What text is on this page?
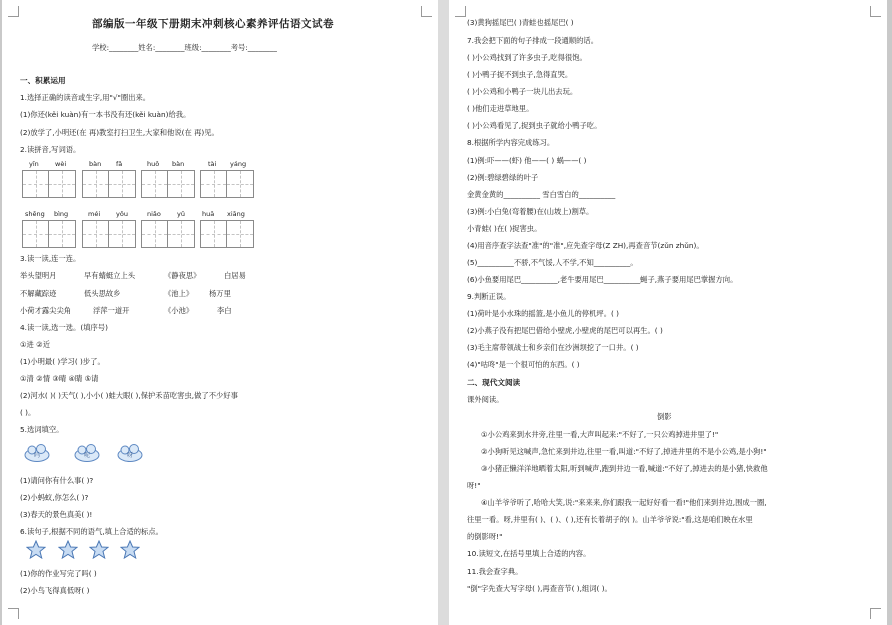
部编版一年级下册期末冲刺核心素养评估语文试卷
学校:________姓名:________班级:________考号:________
一、积累运用
1.选择正确的读音或生字,用"√"圈出来。
(1)你还(kěi kuàn)有一本书没有还(kěi kuàn)给我。
(2)放学了,小明还(在 再)教室打扫卫生,大家和他说(在 再)见。
2.读拼音,写词语。
yīn wèi	bàn fǎ	huǒ bàn	tài yáng
shēng bìng	méi yǒu	niǎo yǔ	huā xiāng
3.读一读,连一连。
举头望明月	早有蜻蜓立上头	《静夜思》	白居易
不解藏踪迹	低头思故乡	《池上》 杨万里
小荷才露尖尖角	浮萍一道开	《小池》	李白
4.读一读,选一选。(填序号)
①进 ②近
(1)小明最( )学习( )步了。
①清 ②情 ③晴 ④睛 ⑤请
(2)河水( )( )天气( ),小小( )蛙大眼( ),保护禾苗吃害虫,做了不少好事
( )。
5.选词填空。
吗	呢	呀
(1)请问你有什么事( )?
(2)小蚂蚁,你怎么( )?
(3)春天的景色真美( )!
6.读句子,根据不同的语气,填上合适的标点。
(1)你的作业写完了吗( )
(2)小鸟飞得真低呀( )
(3)黄狗摇尾巴( )青蛙也摇尾巴( )
7.我会把下面的句子排成一段通顺的话。
( )小公鸡找到了许多虫子,吃得很饱。
( )小鸭子捉不到虫子,急得直哭。
( )小公鸡和小鸭子一块儿出去玩。
( )他们走进草地里。
( )小公鸡看见了,捉到虫子就给小鸭子吃。
8.根据所学内容完成练习。
(1)例:吓——(虾) 他——( ) 蜗——( )
(2)例:碧绿碧绿的叶子
金黄金黄的__________ 雪白雪白的__________
(3)例:小白兔(弯着腰)在(山坡上)割草。
小青蛙( )在( )捉害虫。
(4)用音序查字法查"准"的"准",应先查字母(Z ZH),再查音节(zǔn zhǔn)。
(5)__________不骄,不气馁,人不学,不知__________。
(6)小鱼要用尾巴__________,老牛要用尾巴__________蝇子,燕子要用尾巴掌握方向。
9.判断正误。
(1)荷叶是小水珠的摇篮,是小鱼儿的停机坪。( )
(2)小燕子没有把尾巴借给小壁虎,小壁虎的尾巴可以再生。( )
(3)毛主席带领战士和乡亲们在沙洲坝挖了一口井。( )
(4)"咕咚"是一个很可怕的东西。( )
二、现代文阅读
课外阅读。
倒影
①小公鸡来到水井旁,往里一看,大声叫起来:"不好了,一只公鸡掉进井里了!"
②小狗听见这喊声,急忙来到井边,往里一看,叫道:"不好了,掉进井里的不是小公鸡,是小狗!"
③小猪正懒洋洋地晒着太阳,听到喊声,跑到井边一看,喊道:"不好了,掉进去的是小猪,快救他
呀!"
④山羊爷爷听了,哈哈大笑,说:"来来来,你们跟我一起好好看一看!"他们来到井边,围成一圈,
往里一看。呀,井里有( )、( )、( ),还有长着胡子的( )。山羊爷爷说:"看,这是咱们映在水里
的倒影呀!"
10.读短文,在括号里填上合适的内容。
11.我会查字典。
"倒"字先查大写字母( ),再查音节( ),组词( )。
